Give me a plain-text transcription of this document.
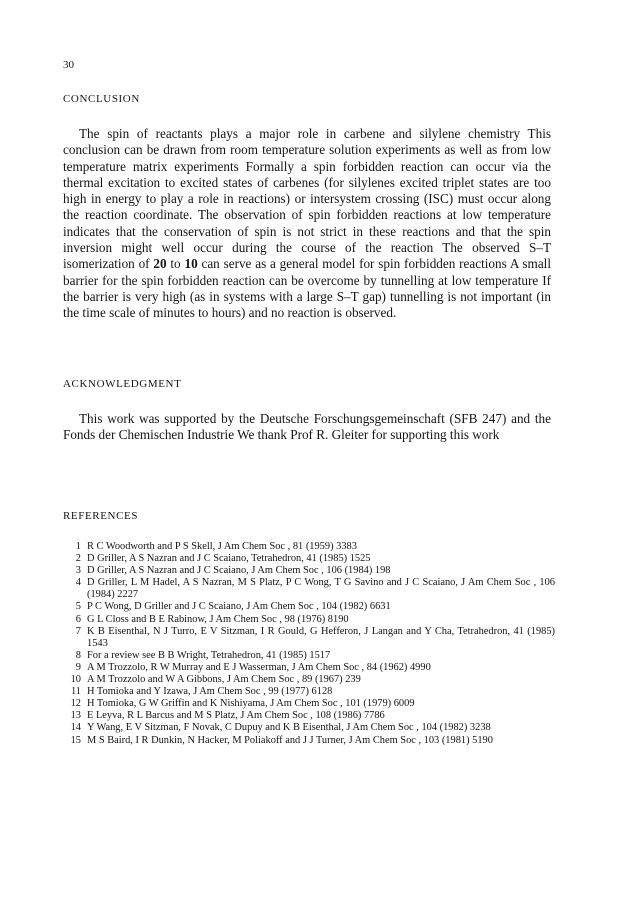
30
CONCLUSION

The spin of reactants plays a major role in carbene and silylene chemistry This conclusion can be drawn from room temperature solution experiments as well as from low temperature matrix experiments Formally a spin forbidden reaction can occur via the thermal excitation to excited states of carbenes (for silylenes excited triplet states are too high in energy to play a role in reactions) or intersystem crossing (ISC) must occur along the reaction coordinate. The observation of spin forbidden reactions at low temperature indicates that the conservation of spin is not strict in these reactions and that the spin inversion might well occur during the course of the reaction The observed S–T isomerization of 20 to 10 can serve as a general model for spin forbidden reactions A small barrier for the spin forbidden reaction can be overcome by tunnelling at low temperature If the barrier is very high (as in systems with a large S–T gap) tunnelling is not important (in the time scale of minutes to hours) and no reaction is observed.

ACKNOWLEDGMENT

This work was supported by the Deutsche Forschungsgemeinschaft (SFB 247) and the Fonds der Chemischen Industrie We thank Prof R. Gleiter for supporting this work

REFERENCES
1 R C Woodworth and P S Skell, J Am Chem Soc , 81 (1959) 3383
2 D Griller, A S Nazran and J C Scaiano, Tetrahedron, 41 (1985) 1525
3 D Griller, A S Nazran and J C Scaiano, J Am Chem Soc , 106 (1984) 198
4 D Griller, L M Hadel, A S Nazran, M S Platz, P C Wong, T G Savino and J C Scaiano, J Am Chem Soc , 106 (1984) 2227
5 P C Wong, D Griller and J C Scaiano, J Am Chem Soc , 104 (1982) 6631
6 G L Closs and B E Rabinow, J Am Chem Soc , 98 (1976) 8190
7 K B Eisenthal, N J Turro, E V Sitzman, I R Gould, G Hefferon, J Langan and Y Cha, Tetrahedron, 41 (1985) 1543
8 For a review see B B Wright, Tetrahedron, 41 (1985) 1517
9 A M Trozzolo, R W Murray and E J Wasserman, J Am Chem Soc , 84 (1962) 4990
10 A M Trozzolo and W A Gibbons, J Am Chem Soc , 89 (1967) 239
11 H Tomioka and Y Izawa, J Am Chem Soc , 99 (1977) 6128
12 H Tomioka, G W Griffin and K Nishiyama, J Am Chem Soc , 101 (1979) 6009
13 E Leyva, R L Barcus and M S Platz, J Am Chem Soc , 108 (1986) 7786
14 Y Wang, E V Sitzman, F Novak, C Dupuy and K B Eisenthal, J Am Chem Soc , 104 (1982) 3238
15 M S Baird, I R Dunkin, N Hacker, M Poliakoff and J J Turner, J Am Chem Soc , 103 (1981) 5190
